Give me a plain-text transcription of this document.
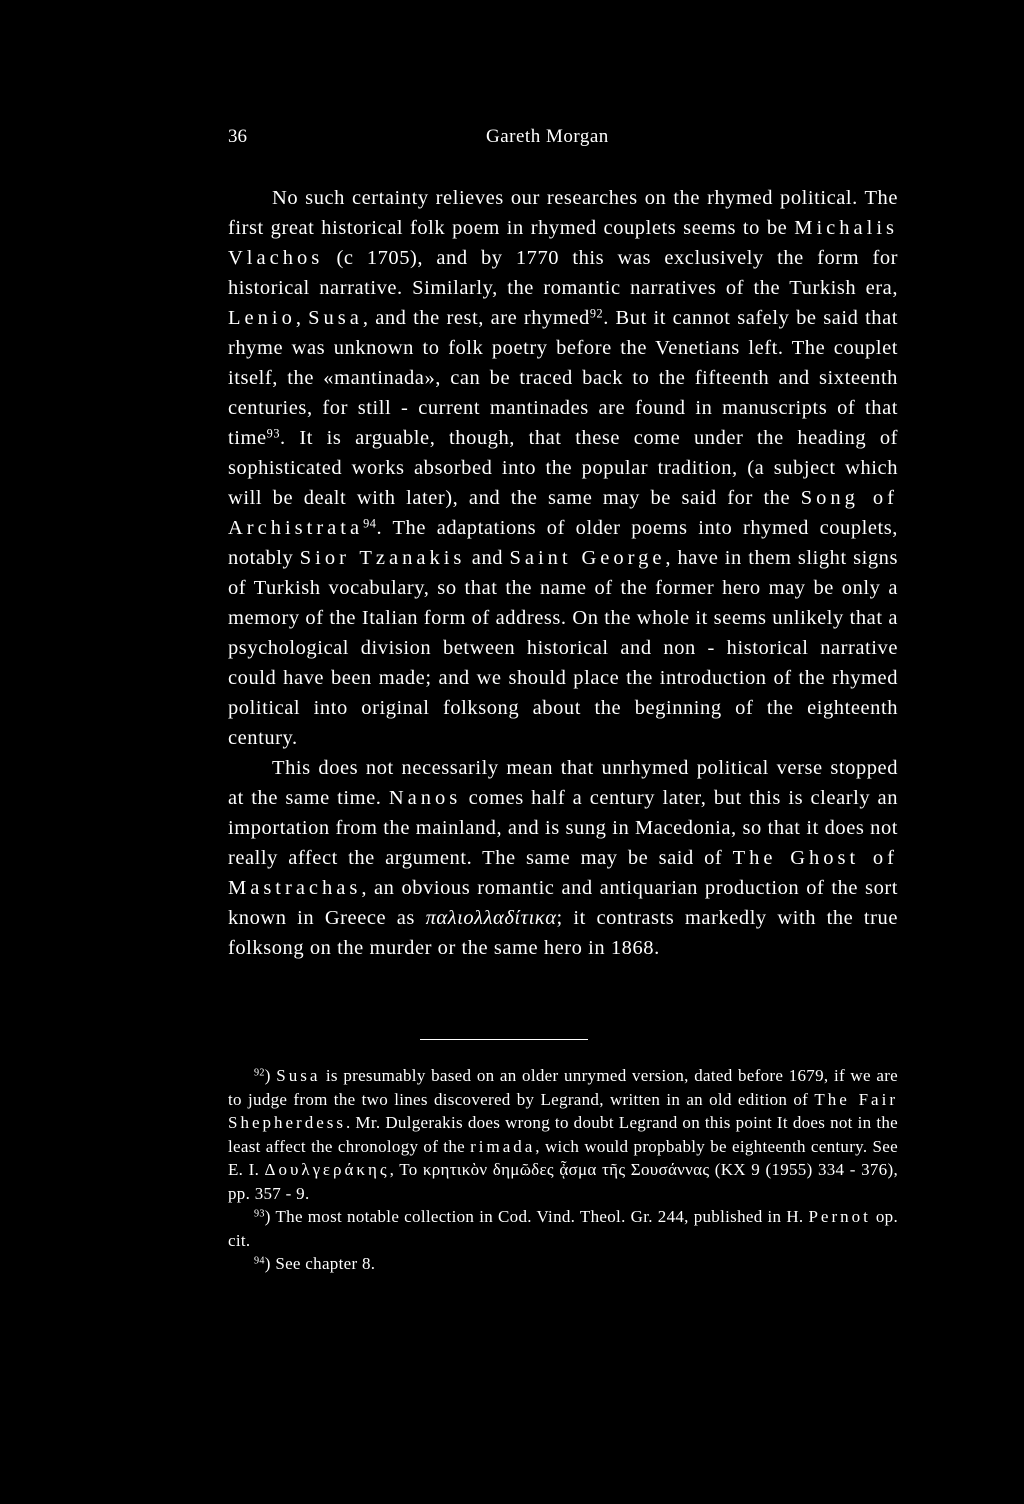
36	Gareth Morgan

No such certainty relieves our researches on the rhymed political. The first great historical folk poem in rhymed couplets seems to be Michalis Vlachos (c 1705), and by 1770 this was exclusively the form for historical narrative. Similarly, the romantic narratives of the Turkish era, Lenio, Susa, and the rest, are rhymed$^{92}$. But it cannot safely be said that rhyme was unknown to folk poetry before the Venetians left. The couplet itself, the «mantinada», can be traced back to the fifteenth and sixteenth centuries, for still - current mantinades are found in manuscripts of that time$^{93}$. It is arguable, though, that these come under the heading of sophisticated works absorbed into the popular tradition, (a subject which will be dealt with later), and the same may be said for the Song of Archistrata$^{94}$. The adaptations of older poems into rhymed couplets, notably Sior Tzanakis and Saint George, have in them slight signs of Turkish vocabulary, so that the name of the former hero may be only a memory of the Italian form of address. On the whole it seems unlikely that a psychological division between historical and non - historical narrative could have been made; and we should place the introduction of the rhymed political into original folksong about the beginning of the eighteenth century.

This does not necessarily mean that unrhymed political verse stopped at the same time. Nanos comes half a century later, but this is clearly an importation from the mainland, and is sung in Macedonia, so that it does not really affect the argument. The same may be said of The Ghost of Mastrachas, an obvious romantic and antiquarian production of the sort known in Greece as παλιολλαδίτικα; it contrasts markedly with the true folksong on the murder or the same hero in 1868.

$^{92}$) Susa is presumably based on an older unrymed version, dated before 1679, if we are to judge from the two lines discovered by Legrand, written in an old edition of The Fair Shepherdess. Mr. Dulgerakis does wrong to doubt Legrand on this point It does not in the least affect the chronology of the rimada, wich would propbably be eighteenth century. See E. I. Δουλγεράκης, Το κρητικὸν δημῶδες ᾆσμα τῆς Σουσάννας (KX 9 (1955) 334 - 376), pp. 357 - 9.

$^{93}$) The most notable collection in Cod. Vind. Theol. Gr. 244, published in H. Pernot op. cit.

$^{94}$) See chapter 8.
